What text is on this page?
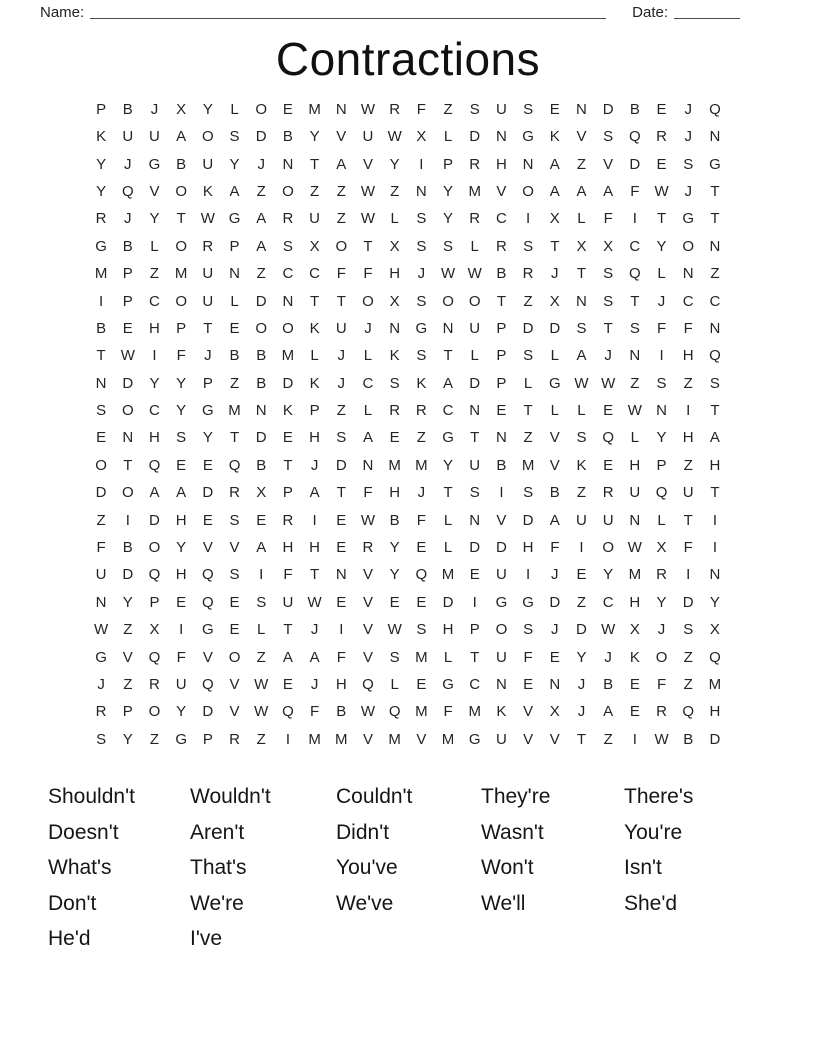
Name:	Date:
Contractions
P	B	J	X	Y	L	O	E	M	N W R	F	Z	S	U	S	E	N	D	B	E	J	Q
K	U	U	A	O	S	D	B	Y	V	U W X	L	D	N	G	K	V	S	Q	R	J	N
Y	J	G	B	U	Y	J	N	T	A	V	Y	I	P	R	H	N	A	Z	V	D	E	S	G
Y	Q	V	O	K	A	Z	O	Z	Z	W	Z	N	Y	M	V	O	A	A	A	F	W	J	T
R	J	Y	T	W G	A	R	U	Z	W	L	S	Y	R	C	I	X	L	F	I	T	G	T
G	B	L	O	R	P	A	S	X	O	T	X	S	S	L	R	S	T	X	X	C	Y	O	N
M	P	Z	M	U	N	Z	C	C	F	F	H	J	W W B	R	J	T	S	Q	L	N	Z
I	P	C	O	U	L	D	N	T	T	O	X	S	O	O	T	Z	X	N	S	T	J	C	C
B	E	H	P	T	E	O	O	K	U	J	N	G	N	U	P	D	D	S	T	S	F	F	N
T	W	I	F	J	B	B	M	L	J	L	K	S	T	L	P	S	L	A	J	N	I	H	Q
N	D	Y	Y	P	Z	B	D	K	J	C	S	K	A	D	P	L	G W W	Z	S	Z	S
S	O	C	Y	G M	N	K	P	Z	L	R	R	C	N	E	T	L	L	E W N	I	T
E	N	H	S	Y	T	D	E	H	S	A	E	Z	G	T	N	Z	V	S	Q	L	Y	H	A
O	T	Q	E	E	Q	B	T	J	D	N	M M	Y	U	B	M	V	K	E	H	P	Z	H
D	O	A	A	D	R	X	P	A	T	F	H	J	T	S	I	S	B	Z	R	U	Q	U	T
Z	I	D	H	E	S	E	R	I	E W B	F	L	N	V	D	A	U	U	N	L	T	I
F	B	O	Y	V	V	A	H	H	E	R	Y	E	L	D	D	H	F	I	O W X	F	I
U	D	Q	H	Q	S	I	F	T	N	V	Y	Q M	E	U	I	J	E	Y	M	R	I	N
N	Y	P	E	Q	E	S	U W E	V	E	E	D	I	G	G	D	Z	C	H	Y	D	Y
W	Z	X	I	G	E	L	T	J	I	V W S	H	P	O	S	J	D W X	J	S	X
G	V	Q	F	V	O	Z	A	A	F	V	S	M	L	T	U	F	E	Y	J	K	O	Z	Q
J	Z	R	U	Q	V W E	J	H	Q	L	E	G	C	N	E	N	J	B	E	F	Z	M
R	P	O	Y	D	V W Q	F	B W Q M	F	M	K	V	X	J	A	E	R	Q	H
S	Y	Z	G	P	R	Z	I	M M	V	M	V	M G	U	V	V	T	Z	I	W B	D
Shouldn't
Doesn't
What's
Don't
He'd
Wouldn't
Aren't
That's
We're
I've
Couldn't
Didn't
You've
We've
They're
Wasn't
Won't
We'll
There's
You're
Isn't
She'd
